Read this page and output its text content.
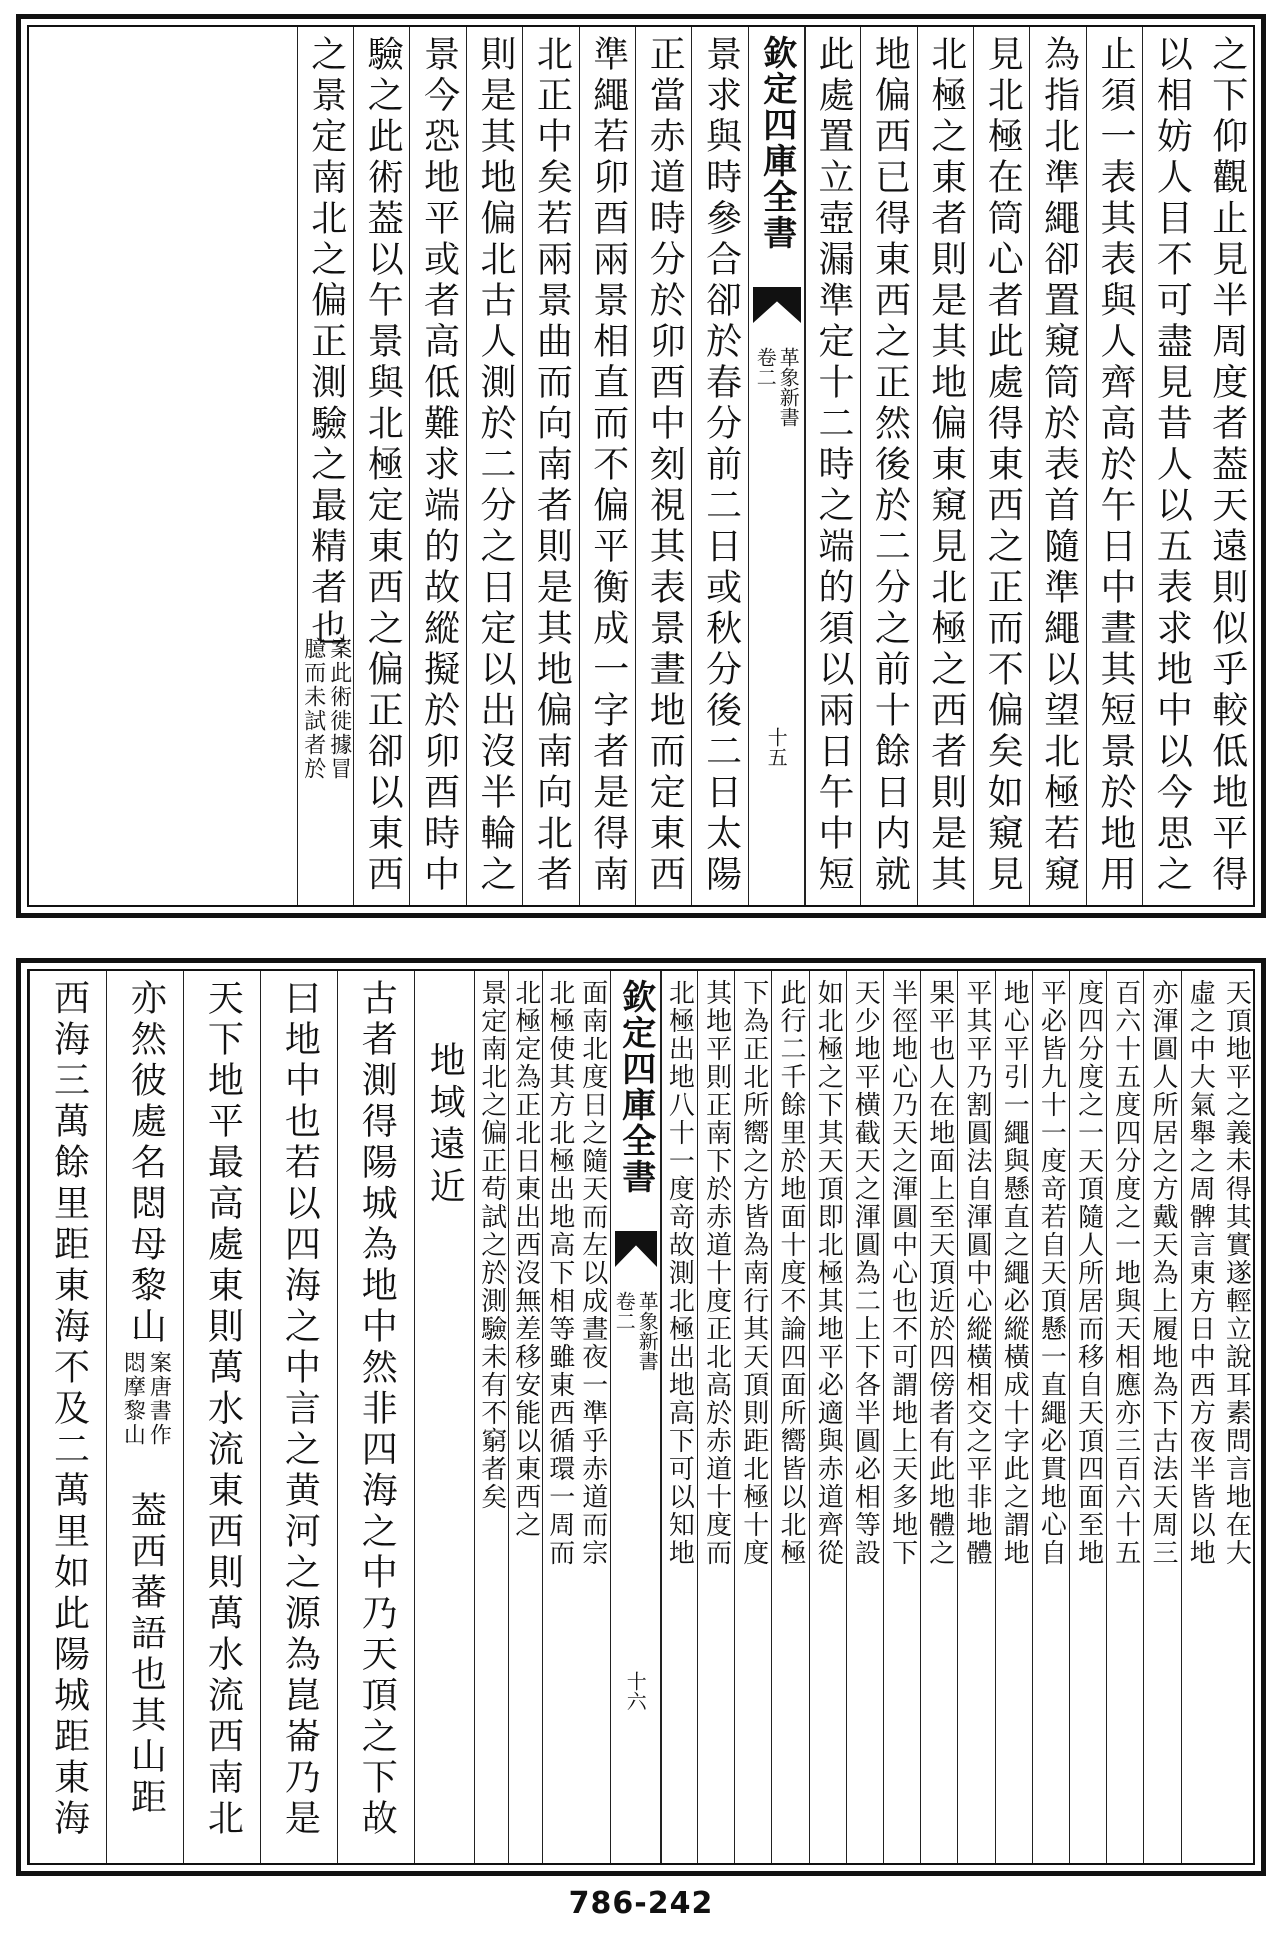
之下仰觀止見半周度者葢天遠則似乎較低地平得
以相妨人目不可盡見昔人以五表求地中以今思之
止須一表其表與人齊高於午日中晝其短景於地用
為指北準繩卻置窺筒於表首隨準繩以望北極若窺
見北極在筒心者此處得東西之正而不偏矣如窺見
北極之東者則是其地偏東窺見北極之西者則是其
地偏西已得東西之正然後於二分之前十餘日内就
此處置立壺漏準定十二時之端的須以兩日午中短
欽定四庫全書
革象新書
卷二
十五
景求與時參合卻於春分前二日或秋分後二日太陽
正當赤道時分於卯酉中刻視其表景晝地而定東西
準繩若卯酉兩景相直而不偏平衡成一字者是得南
北正中矣若兩景曲而向南者則是其地偏南向北者
則是其地偏北古人測於二分之日定以出沒半輪之
景今恐地平或者高低難求端的故縱擬於卯酉時中
驗之此術葢以午景與北極定東西之偏正卻以東西
之景定南北之偏正測驗之最精者也
案此術徙據冒
臆而未試者於
天頂地平之義未得其實遂輕立說耳素問言地在大
虛之中大氣舉之周髀言東方日中西方夜半皆以地
亦渾圓人所居之方戴天為上履地為下古法天周三
百六十五度四分度之一地與天相應亦三百六十五
度四分度之一天頂隨人所居而移自天頂四面至地
平必皆九十一度竒若自天頂懸一直繩必貫地心自
地心平引一繩與懸直之繩必縱橫成十字此之謂地
平其平乃割圓法自渾圓中心縱橫相交之平非地體
果平也人在地面上至天頂近於四傍者有此地體之
半徑地心乃天之渾圓中心也不可謂地上天多地下
天少地平横截天之渾圓為二上下各半圓必相等設
如北極之下其天頂即北極其地平必適與赤道齊從
此行二千餘里於地面十度不論四面所嚮皆以北極
下為正北所嚮之方皆為南行其天頂則距北極十度
其地平則正南下於赤道十度正北高於赤道十度而
北極出地八十一度竒故測北極出地高下可以知地
欽定四庫全書
革象新書
卷二
十六
面南北度日之隨天而左以成晝夜一準乎赤道而宗
北極使其方北極出地高下相等雖東西循環一周而
北極定為正北日東出西沒無差移安能以東西之
景定南北之偏正苟試之於測驗未有不窮者矣
地域遠近
古者測得陽城為地中然非四海之中乃天頂之下故
曰地中也若以四海之中言之黄河之源為崑崙乃是
天下地平最高處東則萬水流東西則萬水流西南北
亦然彼處名悶母黎山
案唐書作
悶摩黎山
葢西蕃語也其山距
西海三萬餘里距東海不及二萬里如此陽城距東海
786-242
